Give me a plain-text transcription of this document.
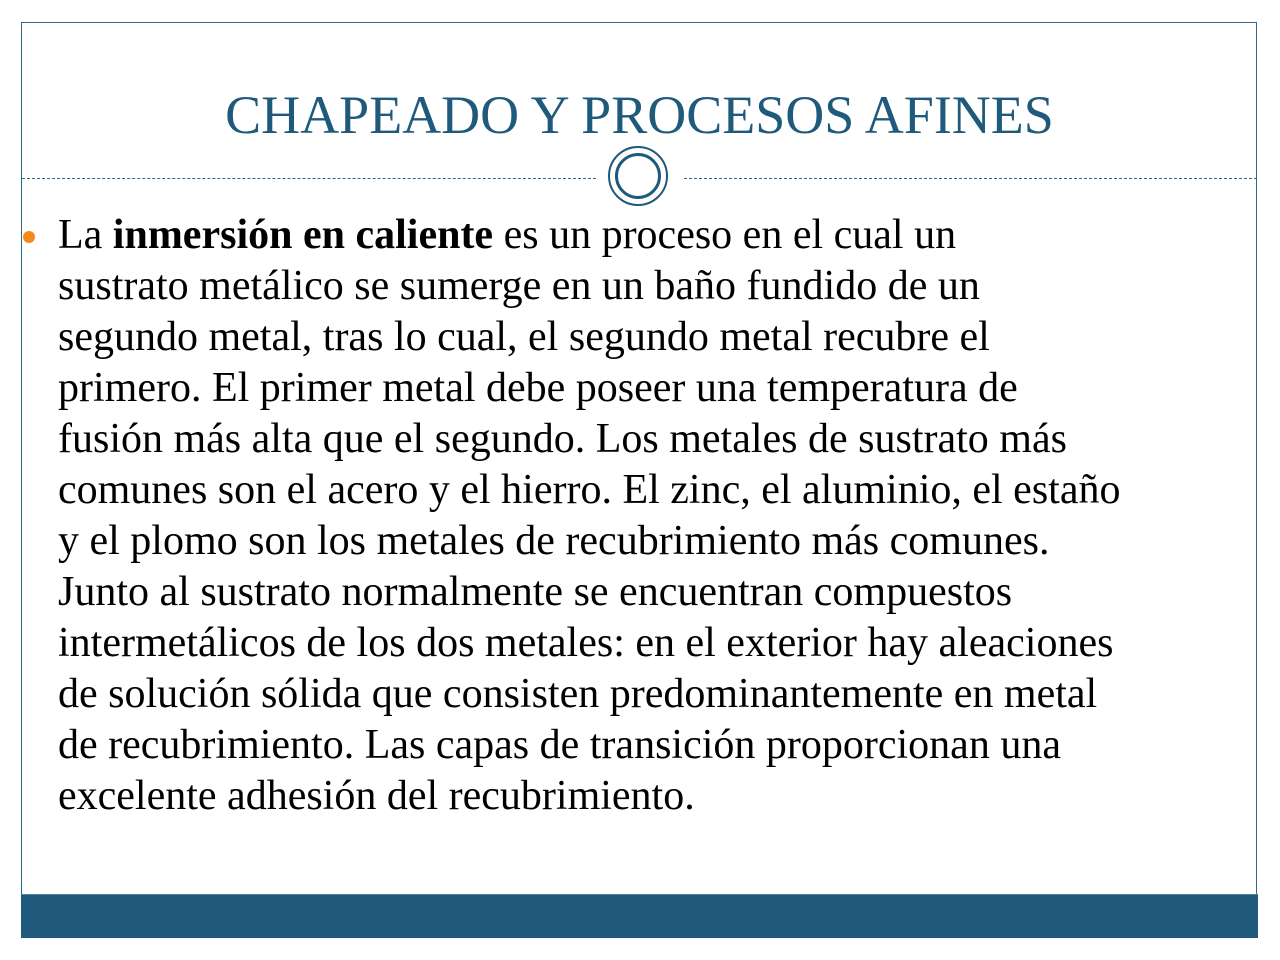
CHAPEADO Y PROCESOS AFINES
La inmersión en caliente es un proceso en el cual un
sustrato metálico se sumerge en un baño fundido de un
segundo metal, tras lo cual, el segundo metal recubre el
primero. El primer metal debe poseer una temperatura de
fusión más alta que el segundo. Los metales de sustrato más
comunes son el acero y el hierro. El zinc, el aluminio, el estaño
y el plomo son los metales de recubrimiento más comunes.
Junto al sustrato normalmente se encuentran compuestos
intermetálicos de los dos metales: en el exterior hay aleaciones
de solución sólida que consisten predominantemente en metal
de recubrimiento. Las capas de transición proporcionan una
excelente adhesión del recubrimiento.
